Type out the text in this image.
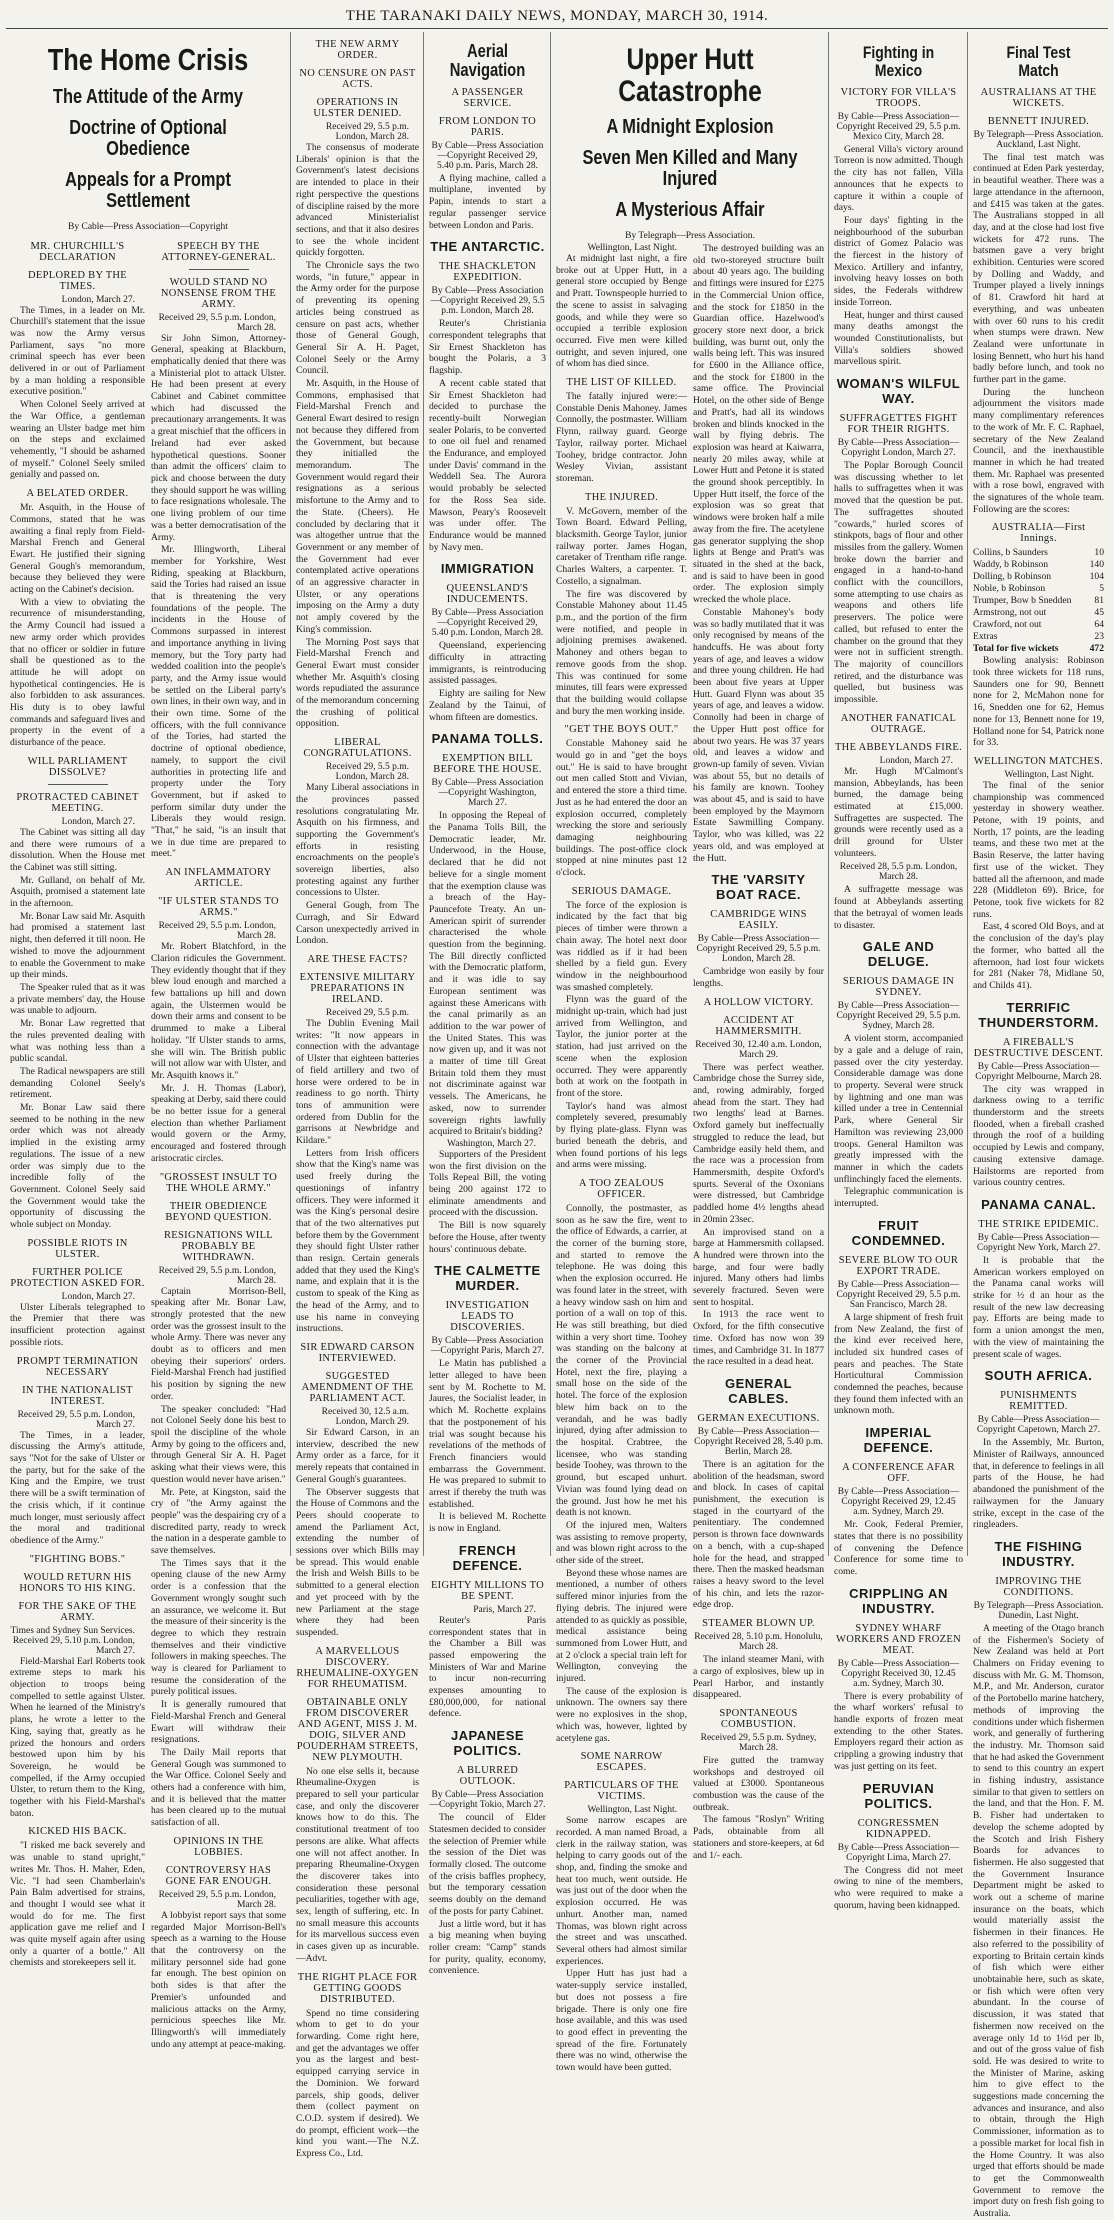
THE TARANAKI DAILY NEWS, MONDAY, MARCH 30, 1914.
The Home Crisis
The Attitude of the Army
Doctrine of Optional Obedience
Appeals for a Prompt Settlement
By Cable—Press Association—Copyright
MR. CHURCHILL'S DECLARATION
DEPLORED BY THE TIMES.
London, March 27.

The Times, in a leader on Mr. Churchill's statement that the issue was now the Army versus Parliament, says "no more criminal speech has ever been delivered in or out of Parliament by a man holding a responsible executive position."

When Colonel Seely arrived at the War Office, a gentleman wearing an Ulster badge met him on the steps and exclaimed vehemently, "I should be ashamed of myself." Colonel Seely smiled genially and passed on.

A BELATED ORDER.

Mr. Asquith, in the House of Commons, stated that he was awaiting a final reply from Field-Marshal French and General Ewart. He justified their signing General Gough's memorandum, because they believed they were acting on the Cabinet's decision.

With a view to obviating the recurrence of misunderstanding, the Army Council had issued a new army order which provides that no officer or soldier in future shall be questioned as to the attitude he will adopt on hypothetical contingencies. He is also forbidden to ask assurances. His duty is to obey lawful commands and safeguard lives and property in the event of a disturbance of the peace.

WILL PARLIAMENT DISSOLVE?
PROTRACTED CABINET MEETING.
London, March 27.

The Cabinet was sitting all day and there were rumours of a dissolution. When the House met the Cabinet was still sitting.

Mr. Gulland, on behalf of Mr. Asquith, promised a statement late in the afternoon.

Mr. Bonar Law said Mr. Asquith had promised a statement last night, then deferred it till noon. He wished to move the adjournment to enable the Government to make up their minds.

The Speaker ruled that as it was a private members' day, the House was unable to adjourn.

Mr. Bonar Law regretted that the rules prevented dealing with what was nothing less than a public scandal.

The Radical newspapers are still demanding Colonel Seely's retirement.

Mr. Bonar Law said there seemed to be nothing in the new order which was not already implied in the existing army regulations. The issue of a new order was simply due to the incredible folly of the Government. Colonel Seely said the Government would take the opportunity of discussing the whole subject on Monday.

POSSIBLE RIOTS IN ULSTER.
FURTHER POLICE PROTECTION ASKED FOR.
London, March 27.

Ulster Liberals telegraphed to the Premier that there was insufficient protection against possible riots.

PROMPT TERMINATION NECESSARY
IN THE NATIONALIST INTEREST.
Received 29, 5.5 p.m. London, March 27.

The Times, in a leader, discussing the Army's attitude, says "Not for the sake of Ulster or the party, but for the sake of the King and the Empire, we trust there will be a swift termination of the crisis which, if it continue much longer, must seriously affect the moral and traditional obedience of the Army."

"FIGHTING BOBS."
WOULD RETURN HIS HONORS TO HIS KING.
FOR THE SAKE OF THE ARMY.
Times and Sydney Sun Services. Received 29, 5.10 p.m. London, March 27.

Field-Marshal Earl Roberts took extreme steps to mark his objection to troops being compelled to settle against Ulster. When he learned of the Ministry's plans, he wrote a letter to the King, saying that, greatly as he prized the honours and orders bestowed upon him by his Sovereign, he would be compelled, if the Army occupied Ulster, to return them to the King, together with his Field-Marshal's baton.

KICKED HIS BACK.

"I risked me back severely and was unable to stand upright," writes Mr. Thos. H. Maher, Eden, Vic. "I had seen Chamberlain's Pain Balm advertised for strains, and thought I would see what it would do for me. The first application gave me relief and I was quite myself again after using only a quarter of a bottle." All chemists and storekeepers sell it.

SPEECH BY THE ATTORNEY-GENERAL.
WOULD STAND NO NONSENSE FROM THE ARMY.
Received 29, 5.5 p.m. London, March 28.

Sir John Simon, Attorney-General, speaking at Blackburn, emphatically denied that there was a Ministerial plot to attack Ulster. He had been present at every Cabinet and Cabinet committee which had discussed the precautionary arrangements. It was a great mischief that the officers in Ireland had ever asked hypothetical questions. Sooner than admit the officers' claim to pick and choose between the duty they should support he was willing to face resignations wholesale. The one living problem of our time was a better democratisation of the Army.

Mr. Illingworth, Liberal member for Yorkshire, West Riding, speaking at Blackburn, said the Tories had raised an issue that is threatening the very foundations of the people. The incidents in the House of Commons surpassed in interest and importance anything in living memory, but the Tory party had wedded coalition into the people's party, and the Army issue would be settled on the Liberal party's own lines, in their own way, and in their own time. Some of the officers, with the full connivance of the Tories, had started the doctrine of optional obedience, namely, to support the civil authorities in protecting life and property under the Tory Government, but if asked to perform similar duty under the Liberals they would resign. "That," he said, "is an insult that we in due time are prepared to meet."

AN INFLAMMATORY ARTICLE.
"IF ULSTER STANDS TO ARMS."
Received 29, 5.5 p.m. London, March 28.

Mr. Robert Blatchford, in the Clarion ridicules the Government. They evidently thought that if they blew loud enough and marched a few battalions up hill and down again, the Ulstermen would be down their arms and consent to be drummed to make a Liberal holiday. "If Ulster stands to arms, she will win. The British public will not allow war with Ulster, and Mr. Asquith knows it."

Mr. J. H. Thomas (Labor), speaking at Derby, said there could be no better issue for a general election than whether Parliament would govern or the Army, encouraged and fostered through aristocratic circles.

"GROSSEST INSULT TO THE WHOLE ARMY."
THEIR OBEDIENCE BEYOND QUESTION.
RESIGNATIONS WILL PROBABLY BE WITHDRAWN.
Received 29, 5.5 p.m. London, March 28.

Captain Morrison-Bell, speaking after Mr. Bonar Law, strongly protested that the new order was the grossest insult to the whole Army. There was never any doubt as to officers and men obeying their superiors' orders. Field-Marshal French had justified his position by signing the new order.

The speaker concluded: "Had not Colonel Seely done his best to spoil the discipline of the whole Army by going to the officers and, through General Sir A. H. Paget asking what their views were, this question would never have arisen."

Mr. Pete, at Kingston, said the cry of "the Army against the people" was the despairing cry of a discredited party, ready to wreck the nation in a desperate gamble to save themselves.

The Times says that it the opening clause of the new Army order is a confession that the Government wrongly sought such an assurance, we welcome it. But the measure of their sincerity is the degree to which they restrain themselves and their vindictive followers in making speeches. The way is cleared for Parliament to resume the consideration of the purely political issues.

It is generally rumoured that Field-Marshal French and General Ewart will withdraw their resignations.

The Daily Mail reports that General Gough was summoned to the War Office. Colonel Seely and others had a conference with him, and it is believed that the matter has been cleared up to the mutual satisfaction of all.

OPINIONS IN THE LOBBIES.
CONTROVERSY HAS GONE FAR ENOUGH.
Received 29, 5.5 p.m. London, March 28.

A lobbyist report says that some regarded Major Morrison-Bell's speech as a warning to the House that the controversy on the military personnel side had gone far enough. The best opinion on both sides is that after the Premier's unfounded and malicious attacks on the Army, pernicious speeches like Mr. Illingworth's will immediately undo any attempt at peace-making.

THE NEW ARMY ORDER.
NO CENSURE ON PAST ACTS.
OPERATIONS IN ULSTER DENIED.
Received 29, 5.5 p.m. London, March 28.

The consensus of moderate Liberals' opinion is that the Government's latest decisions are intended to place in their right perspective the questions of discipline raised by the more advanced Ministerialist sections, and that it also desires to see the whole incident quickly forgotten.

The Chronicle says the two words, "in future," appear in the Army order for the purpose of preventing its opening articles being construed as censure on past acts, whether those of General Gough, General Sir A. H. Paget, Colonel Seely or the Army Council.

Mr. Asquith, in the House of Commons, emphasised that Field-Marshal French and General Ewart desired to resign not because they differed from the Government, but because they initialled the memorandum. The Government would regard their resignations as a serious misfortune to the Army and to the State. (Cheers). He concluded by declaring that it was altogether untrue that the Government or any member of the Government had ever contemplated active operations of an aggressive character in Ulster, or any operations imposing on the Army a duty not amply covered by the King's commission.

The Morning Post says that Field-Marshal French and General Ewart must consider whether Mr. Asquith's closing words repudiated the assurance of the memorandum concerning the crushing of political opposition.

LIBERAL CONGRATULATIONS.
Received 29, 5.5 p.m. London, March 28.

Many Liberal associations in the provinces passed resolutions congratulating Mr. Asquith on his firmness, and supporting the Government's efforts in resisting encroachments on the people's sovereign liberties, also protesting against any further concessions to Ulster.

General Gough, from The Curragh, and Sir Edward Carson unexpectedly arrived in London.

ARE THESE FACTS?
EXTENSIVE MILITARY PREPARATIONS IN IRELAND.
Received 29, 5.5 p.m.

The Dublin Evening Mail writes: "It now appears in connection with the advantage of Ulster that eighteen batteries of field artillery and two of horse were ordered to be in readiness to go north. Thirty tons of ammunition were ordered from Dublin for the garrisons at Newbridge and Kildare."

Letters from Irish officers show that the King's name was used freely during the questionings of infantry officers. They were informed it was the King's personal desire that of the two alternatives put before them by the Government they should fight Ulster rather than resign. Certain generals added that they used the King's name, and explain that it is the custom to speak of the King as the head of the Army, and to use his name in conveying instructions.

SIR EDWARD CARSON INTERVIEWED.
SUGGESTED AMENDMENT OF THE PARLIAMENT ACT.
Received 30, 12.5 a.m. London, March 29.

Sir Edward Carson, in an interview, described the new Army order as a farce, for it merely repeats that contained in General Gough's guarantees.

The Observer suggests that the House of Commons and the Peers should cooperate to amend the Parliament Act, extending the number of sessions over which Bills may be spread. This would enable the Irish and Welsh Bills to be submitted to a general election and yet proceed with by the new Parliament at the stage where they had been suspended.

A MARVELLOUS DISCOVERY. RHEUMALINE-OXYGEN FOR RHEUMATISM.
OBTAINABLE ONLY FROM DISCOVERER AND AGENT, MISS J. M. DOIG, SILVER AND POUDERHAM STREETS, NEW PLYMOUTH.

No one else sells it, because Rheumaline-Oxygen is prepared to sell your particular case, and only the discoverer knows how to do this. The constitutional treatment of too persons are alike. What affects one will not affect another. In preparing Rheumaline-Oxygen the discoverer takes into consideration these personal peculiarities, together with age, sex, length of suffering, etc. In no small measure this accounts for its marvellous success even in cases given up as incurable.—Advt.

THE RIGHT PLACE FOR GETTING GOODS DISTRIBUTED.

Spend no time considering whom to get to do your forwarding. Come right here, and get the advantages we offer you as the largest and best-equipped carrying service in the Dominion. We forward parcels, ship goods, deliver them (collect payment on C.O.D. system if desired). We do prompt, efficient work—the kind you want.—The N.Z. Express Co., Ltd.

Aerial Navigation
A PASSENGER SERVICE.
FROM LONDON TO PARIS.
By Cable—Press Association—Copyright Received 29, 5.40 p.m. Paris, March 28.

A flying machine, called a multiplane, invented by Papin, intends to start a regular passenger service between London and Paris.

THE ANTARCTIC.
THE SHACKLETON EXPEDITION.
By Cable—Press Association—Copyright Received 29, 5.5 p.m. London, March 28.

Reuter's Christiania correspondent telegraphs that Sir Ernest Shackleton has bought the Polaris, a 3 flagship.

A recent cable stated that Sir Ernest Shackleton had decided to purchase the recently-built Norwegian sealer Polaris, to be converted to one oil fuel and renamed the Endurance, and employed under Davis' command in the Weddell Sea. The Aurora would probably be selected for the Ross Sea side. Mawson, Peary's Roosevelt was under offer. The Endurance would be manned by Navy men.

IMMIGRATION
QUEENSLAND'S INDUCEMENTS.
By Cable—Press Association—Copyright Received 29, 5.40 p.m. London, March 28.

Queensland, experiencing difficulty in attracting immigrants, is reintroducing assisted passages.

Eighty are sailing for New Zealand by the Tainui, of whom fifteen are domestics.

PANAMA TOLLS.
EXEMPTION BILL BEFORE THE HOUSE.
By Cable—Press Association—Copyright Washington, March 27.

In opposing the Repeal of the Panama Tolls Bill, the Democratic leader, Mr. Underwood, in the House, declared that he did not believe for a single moment that the exemption clause was a breach of the Hay-Pauncefote Treaty. An un-American spirit of surrender characterised the whole question from the beginning. The Bill directly conflicted with the Democratic platform, and it was idle to say European sentiment was against these Americans with the canal primarily as an addition to the war power of the United States. This was now given up, and it was not a matter of time till Great Britain told them they must not discriminate against war vessels. The Americans, he asked, now to surrender sovereign rights lawfully acquired to Britain's bidding?

Washington, March 27.

Supporters of the President won the first division on the Tolls Repeal Bill, the voting being 200 against 172 to eliminate amendments and proceed with the discussion.

The Bill is now squarely before the House, after twenty hours' continuous debate.

THE CALMETTE MURDER.
INVESTIGATION LEADS TO DISCOVERIES.
By Cable—Press Association—Copyright Paris, March 27.

Le Matin has published a letter alleged to have been sent by M. Rochette to M. Jaures, the Socialist leader, in which M. Rochette explains that the postponement of his trial was sought because his revelations of the methods of French financiers would embarrass the Government. He was prepared to submit to arrest if thereby the truth was established.

It is believed M. Rochette is now in England.

FRENCH DEFENCE.
EIGHTY MILLIONS TO BE SPENT.
Paris, March 27.

Reuter's Paris correspondent states that in the Chamber a Bill was passed empowering the Ministers of War and Marine to incur non-recurring expenses amounting to £80,000,000, for national defence.

JAPANESE POLITICS.
A BLURRED OUTLOOK.
By Cable—Press Association—Copyright Tokio, March 27.

The council of Elder Statesmen decided to consider the selection of Premier while the session of the Diet was formally closed. The outcome of the crisis baffles prophecy, but the temporary cessation seems doubly on the demand of the posts for party Cabinet.

Just a little word, but it has a big meaning when buying roller cream: "Camp" stands for purity, quality, economy, convenience.

Upper Hutt Catastrophe
A Midnight Explosion
Seven Men Killed and Many Injured
A Mysterious Affair
By Telegraph—Press Association.
Wellington, Last Night.

At midnight last night, a fire broke out at Upper Hutt, in a general store occupied by Benge and Pratt. Townspeople hurried to the scene to assist in salvaging goods, and while they were so occupied a terrible explosion occurred. Five men were killed outright, and seven injured, one of whom has died since.

THE LIST OF KILLED.

The fatally injured were:— Constable Denis Mahoney. James Connolly, the postmaster. William Flynn, railway guard. George Taylor, railway porter. Michael Toohey, bridge contractor. John Wesley Vivian, assistant storeman.

THE INJURED.

V. McGovern, member of the Town Board. Edward Pelling, blacksmith. George Taylor, junior railway porter. James Hogan, caretaker of Trentham rifle range. Charles Walters, a carpenter. T. Costello, a signalman.

The fire was discovered by Constable Mahoney about 11.45 p.m., and the portion of the firm were notified, and people in adjoining premises awakened. Mahoney and others began to remove goods from the shop. This was continued for some minutes, till fears were expressed that the building would collapse and bury the men working inside.

"GET THE BOYS OUT."

Constable Mahoney said he would go in and "get the boys out." He is said to have brought out men called Stott and Vivian, and entered the store a third time. Just as he had entered the door an explosion occurred, completely wrecking the store and seriously damaging neighbouring buildings. The post-office clock stopped at nine minutes past 12 o'clock.

SERIOUS DAMAGE.

The force of the explosion is indicated by the fact that big pieces of timber were thrown a chain away. The hotel next door was riddled as if it had been shelled by a field gun. Every window in the neighbourhood was smashed completely.

Flynn was the guard of the midnight up-train, which had just arrived from Wellington, and Taylor, the junior porter at the station, had just arrived on the scene when the explosion occurred. They were apparently both at work on the footpath in front of the store.

Taylor's hand was almost completely severed, presumably by flying plate-glass. Flynn was buried beneath the debris, and when found portions of his legs and arms were missing.

A TOO ZEALOUS OFFICER.

Connolly, the postmaster, as soon as he saw the fire, went to the office of Edwards, a carrier, at the corner of the burning store, and started to remove the telephone. He was doing this when the explosion occurred. He was found later in the street, with a heavy window sash on him and portion of a wall on top of this. He was still breathing, but died within a very short time. Toohey was standing on the balcony at the corner of the Provincial Hotel, next the fire, playing a small hose on the side of the hotel. The force of the explosion blew him back on to the verandah, and he was badly injured, dying after admission to the hospital. Crabtree, the licensee, who was standing beside Toohey, was thrown to the ground, but escaped unhurt. Vivian was found lying dead on the ground. Just how he met his death is not known.

Of the injured men, Walters was assisting to remove property, and was blown right across to the other side of the street.

Beyond these whose names are mentioned, a number of others suffered minor injuries from the flying debris. The injured were attended to as quickly as possible, medical assistance being summoned from Lower Hutt, and at 2 o'clock a special train left for Wellington, conveying the injured.

The cause of the explosion is unknown. The owners say there were no explosives in the shop, which was, however, lighted by acetylene gas.

SOME NARROW ESCAPES.
PARTICULARS OF THE VICTIMS.
Wellington, Last Night.

Some narrow escapes are recorded. A man named Broad, a clerk in the railway station, was helping to carry goods out of the shop, and, finding the smoke and heat too much, went outside. He was just out of the door when the explosion occurred. He was unhurt. Another man, named Thomas, was blown right across the street and was unscathed. Several others had almost similar experiences.

Upper Hutt has just had a water-supply service installed, but does not possess a fire brigade. There is only one fire hose available, and this was used to good effect in preventing the spread of the fire. Fortunately there was no wind, otherwise the town would have been gutted.

The destroyed building was an old two-storeyed structure built about 40 years ago. The building and fittings were insured for £275 in the Commercial Union office, and the stock for £1850 in the Guardian office. Hazelwood's grocery store next door, a brick building, was burnt out, only the walls being left. This was insured for £600 in the Alliance office, and the stock for £1800 in the same office. The Provincial Hotel, on the other side of Benge and Pratt's, had all its windows broken and blinds knocked in the wall by flying debris. The explosion was heard at Kaiwarra, nearly 20 miles away, while at Lower Hutt and Petone it is stated the ground shook perceptibly. In Upper Hutt itself, the force of the explosion was so great that windows were broken half a mile away from the fire. The acetylene gas generator supplying the shop lights at Benge and Pratt's was situated in the shed at the back, and is said to have been in good order. The explosion simply wrecked the whole place.

Constable Mahoney's body was so badly mutilated that it was only recognised by means of the handcuffs. He was about forty years of age, and leaves a widow and three young children. He had been about five years at Upper Hutt. Guard Flynn was about 35 years of age, and leaves a widow. Connolly had been in charge of the Upper Hutt post office for about two years. He was 37 years old, and leaves a widow and grown-up family of seven. Vivian was about 55, but no details of his family are known. Toohey was about 45, and is said to have been employed by the Maymorn Estate Sawmilling Company. Taylor, who was killed, was 22 years old, and was employed at the Hutt.

THE 'VARSITY BOAT RACE.
CAMBRIDGE WINS EASILY.
By Cable—Press Association—Copyright Received 29, 5.5 p.m. London, March 28.

Cambridge won easily by four lengths.

A HOLLOW VICTORY.
ACCIDENT AT HAMMERSMITH.
Received 30, 12.40 a.m. London, March 29.

There was perfect weather. Cambridge chose the Surrey side, and, rowing admirably, forged ahead from the start. They had two lengths' lead at Barnes. Oxford gamely but ineffectually struggled to reduce the lead, but Cambridge easily held them, and the race was a procession from Hammersmith, despite Oxford's spurts. Several of the Oxonians were distressed, but Cambridge paddled home 4½ lengths ahead in 20min 23sec.

An improvised stand on a barge at Hammersmith collapsed. A hundred were thrown into the barge, and four were badly injured. Many others had limbs severely fractured. Seven were sent to hospital.

In 1913 the race went to Oxford, for the fifth consecutive time. Oxford has now won 39 times, and Cambridge 31. In 1877 the race resulted in a dead heat.

GENERAL CABLES.
GERMAN EXECUTIONS.
By Cable—Press Association—Copyright Received 28, 5.40 p.m. Berlin, March 28.

There is an agitation for the abolition of the headsman, sword and block. In cases of capital punishment, the execution is staged in the courtyard of the penitentiary. The condemned person is thrown face downwards on a bench, with a cup-shaped hole for the head, and strapped there. Then the masked headsman raises a heavy sword to the level of his chin, and lets the razor-edge drop.

STEAMER BLOWN UP.
Received 28, 5.10 p.m. Honolulu, March 28.

The inland steamer Mani, with a cargo of explosives, blew up in Pearl Harbor, and instantly disappeared.

SPONTANEOUS COMBUSTION.
Received 29, 5.5 p.m. Sydney, March 28.

Fire gutted the tramway workshops and destroyed oil valued at £3000. Spontaneous combustion was the cause of the outbreak.

The famous "Roslyn" Writing Pads, obtainable from all stationers and store-keepers, at 6d and 1/- each.

Fighting in Mexico
VICTORY FOR VILLA'S TROOPS.
By Cable—Press Association—Copyright Received 29, 5.5 p.m. Mexico City, March 28.

General Villa's victory around Torreon is now admitted. Though the city has not fallen, Villa announces that he expects to capture it within a couple of days.

Four days' fighting in the neighbourhood of the suburban district of Gomez Palacio was the fiercest in the history of Mexico. Artillery and infantry, involving heavy losses on both sides, the Federals withdrew inside Torreon.

Heat, hunger and thirst caused many deaths amongst the wounded Constitutionalists, but Villa's soldiers showed marvellous spirit.

WOMAN'S WILFUL WAY.
SUFFRAGETTES FIGHT FOR THEIR RIGHTS.
By Cable—Press Association—Copyright London, March 27.

The Poplar Borough Council was discussing whether to let halls to suffragettes when it was moved that the question be put. The suffragettes shouted "cowards," hurled scores of stinkpots, bags of flour and other missiles from the gallery. Women broke down the barrier and engaged in a hand-to-hand conflict with the councillors, some attempting to use chairs as weapons and others life preservers. The police were called, but refused to enter the chamber on the ground that they were not in sufficient strength. The majority of councillors retired, and the disturbance was quelled, but business was impossible.

ANOTHER FANATICAL OUTRAGE.
THE ABBEYLANDS FIRE.
London, March 27.

Mr. Hugh M'Calmont's mansion, Abbeylands, has been burned, the damage being estimated at £15,000. Suffragettes are suspected. The grounds were recently used as a drill ground for Ulster volunteers.

Received 28, 5.5 p.m. London, March 28.

A suffragette message was found at Abbeylands asserting that the betrayal of women leads to disaster.

GALE AND DELUGE.
SERIOUS DAMAGE IN SYDNEY.
By Cable—Press Association—Copyright Received 29, 5.5 p.m. Sydney, March 28.

A violent storm, accompanied by a gale and a deluge of rain, passed over the city yesterday. Considerable damage was done to property. Several were struck by lightning and one man was killed under a tree in Centennial Park, where General Sir Hamilton was reviewing 23,000 troops. General Hamilton was greatly impressed with the manner in which the cadets unflinchingly faced the elements.

Telegraphic communication is interrupted.

FRUIT CONDEMNED.
SEVERE BLOW TO OUR EXPORT TRADE.
By Cable—Press Association—Copyright Received 29, 5.5 p.m. San Francisco, March 28.

A large shipment of fresh fruit from New Zealand, the first of the kind ever received here, included six hundred cases of pears and peaches. The State Horticultural Commission condemned the peaches, because they found them infected with an unknown moth.

IMPERIAL DEFENCE.
A CONFERENCE AFAR OFF.
By Cable—Press Association—Copyright Received 29, 12.45 a.m. Sydney, March 29.

Mr. Cook, Federal Premier, states that there is no possibility of convening the Defence Conference for some time to come.

CRIPPLING AN INDUSTRY.
SYDNEY WHARF WORKERS AND FROZEN MEAT.
By Cable—Press Association—Copyright Received 30, 12.45 a.m. Sydney, March 30.

There is every probability of the wharf workers' refusal to handle exports of frozen meat extending to the other States. Employers regard their action as crippling a growing industry that was just getting on its feet.

PERUVIAN POLITICS.
CONGRESSMEN KIDNAPPED.
By Cable—Press Association—Copyright Lima, March 27.

The Congress did not meet owing to nine of the members, who were required to make a quorum, having been kidnapped.

Final Test Match
AUSTRALIANS AT THE WICKETS.
BENNETT INJURED.
By Telegraph—Press Association. Auckland, Last Night.

The final test match was continued at Eden Park yesterday, in beautiful weather. There was a large attendance in the afternoon, and £415 was taken at the gates. The Australians stopped in all day, and at the close had lost five wickets for 472 runs. The batsmen gave a very bright exhibition. Centuries were scored by Dolling and Waddy, and Trumper played a lively innings of 81. Crawford hit hard at everything, and was unbeaten with over 60 runs to his credit when stumps were drawn. New Zealand were unfortunate in losing Bennett, who hurt his hand badly before lunch, and took no further part in the game.

During the luncheon adjournment the visitors made many complimentary references to the work of Mr. F. C. Raphael, secretary of the New Zealand Council, and the inexhaustible manner in which he had treated them. Mr. Raphael was presented with a rose bowl, engraved with the signatures of the whole team. Following are the scores:

AUSTRALIA—First Innings.
Collins, b Saunders	10
Waddy, b Robinson	140
Dolling, b Robinson	104
Noble, b Robinson	5
Trumper, Bow b Snedden 81
Armstrong, not out	45
Crawford, not out	64
Extras	23
Total for five wickets	472

Bowling analysis: Robinson took three wickets for 118 runs, Saunders one for 90, Bennett none for 2, McMahon none for 16, Snedden one for 62, Hemus none for 13, Bennett none for 19, Holland none for 54, Patrick none for 33.

WELLINGTON MATCHES.
Wellington, Last Night.

The final of the senior championship was commenced yesterday in showery weather. Petone, with 19 points, and North, 17 points, are the leading teams, and these two met at the Basin Reserve, the latter having first use of the wicket. They batted all the afternoon, and made 228 (Middleton 69). Brice, for Petone, took five wickets for 82 runs.

East, 4 scored Old Boys, and at the conclusion of the day's play the former, who batted all the afternoon, had lost four wickets for 281 (Naker 78, Midlane 50, and Childs 41).

TERRIFIC THUNDERSTORM.
A FIREBALL'S DESTRUCTIVE DESCENT.
By Cable—Press Association—Copyright Melbourne, March 28.

The city was wrapped in darkness owing to a terrific thunderstorm and the streets flooded, when a fireball crashed through the roof of a building occupied by Lewis and company, causing extensive damage. Hailstorms are reported from various country centres.

PANAMA CANAL.
THE STRIKE EPIDEMIC.
By Cable—Press Association—Copyright New York, March 27.

It is probable that the American workers employed on the Panama canal works will strike for ½ d an hour as the result of the new law decreasing pay. Efforts are being made to form a union amongst the men, with the view of maintaining the present scale of wages.

SOUTH AFRICA.
PUNISHMENTS REMITTED.
By Cable—Press Association—Copyright Capetown, March 27.

In the Assembly, Mr. Burton, Minister of Railways, announced that, in deference to feelings in all parts of the House, he had abandoned the punishment of the railwaymen for the January strike, except in the case of the ringleaders.

THE FISHING INDUSTRY.
IMPROVING THE CONDITIONS.
By Telegraph—Press Association. Dunedin, Last Night.

A meeting of the Otago branch of the Fishermen's Society of New Zealand was held at Port Chalmers on Friday evening to discuss with Mr. G. M. Thomson, M.P., and Mr. Anderson, curator of the Portobello marine hatchery, methods of improving the conditions under which fishermen work, and generally of furthering the industry. Mr. Thomson said that he had asked the Government to send to this country an expert in fishing industry, assistance similar to that given to settlers on the land, and that the Hon. F. M. B. Fisher had undertaken to develop the scheme adopted by the Scotch and Irish Fishery Boards for advances to fishermen. He also suggested that the Government Insurance Department might be asked to work out a scheme of marine insurance on the boats, which would materially assist the fishermen in their finances. He also referred to the possibility of exporting to Britain certain kinds of fish which were either unobtainable here, such as skate, or fish which were often very abundant. In the course of discussion, it was stated that fishermen now received on the average only 1d to 1½d per lb, and out of the gross value of fish sold. He was desired to write to the Minister of Marine, asking him to give effect to the suggestions made concerning the advances and insurance, and also to obtain, through the High Commissioner, information as to a possible market for local fish in the Home Country. It was also urged that efforts should be made to get the Commonwealth Government to remove the import duty on fresh fish going to Australia.
